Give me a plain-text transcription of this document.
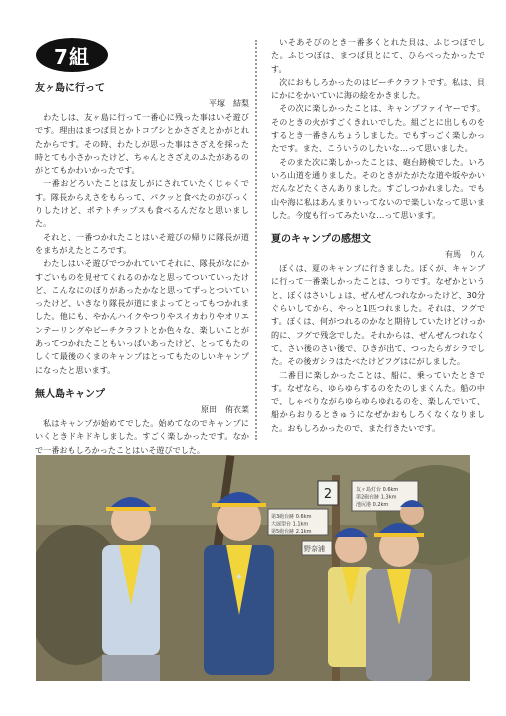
7組
友ヶ島に行って

平塚　結梨

わたしは、友ヶ島に行って一番心に残った事はいそ遊びです。理由はまつば貝とかトコブシとかさざえとかがとれたからです。その時、わたしが思った事はさざえを採った時とても小さかったけど、ちゃんとさざえのふたがあるのがとてもかわいかったです。

一番おどろいたことは友しがにされていたくじゃくです。隊長からえさをもらって、パクッと食べたのがびっくりしたけど、ポテトチップスも食べるんだなと思いました。

それと、一番つかれたことはいそ遊びの帰りに隊長が道をまちがえたところです。

わたしはいそ遊びでつかれていてそれに、隊長がなにかすごいものを見せてくれるのかなと思ってついていったけど、こんなにのぼりがあったかなと思ってずっとついていったけど、いきなり隊長が道にまよってとってもつかれました。他にも、やかんハイクやつりやスイカわりやオリエンテーリングやビーチクラフトとか色々な、楽しいことがあってつかれたこともいっぱいあったけど、とってもたのしくて最後のくまのキャンプはとってもたのしいキャンプになったと思います。

無人島キャンプ

原田　侑衣菜

私はキャンプが始めてでした。始めてなのでキャンプにいくときドキドキしました。すごく楽しかったです。なかで一番おもしろかったことはいそ遊びでした。

いそあそびのとき一番多くとれた貝は、ふじつぼでした。ふじつぼは、まつば貝とにて、ひらべったかったです。

次におもしろかったのはビーチクラフトです。私は、貝にかにをかいていに海の絵をかきました。

その次に楽しかったことは、キャンプファイヤーです。そのときの火がすごくきれいでした。組ごとに出しものをするとき一番きんちょうしました。でもすっごく楽しかったです。また、こういうのしたいな…って思いました。

そのまた次に楽しかったことは、砲台跡検でした。いろいろ山道を通りました。そのときがたがたな道や坂やかいだんなどたくさんありました。すごしつかれました。でも山や海に私はあんまりいってないので楽しいなって思いました。今度も行ってみたいな…って思います。

夏のキャンプの感想文

有馬　りん

ぼくは、夏のキャンプに行きました。ぼくが、キャンプに行って一番楽しかったことは、つりです。なぜかというと、ぼくはさいしょは、ぜんぜんつれなかったけど、30分ぐらいしてから、やっと1匹つれました。それは、フグです。ぼくは、何がつれるのかなと期待していたけどけっか的に、フグで残念でした。それからは、ぜんぜんつれなくて、さい後のさい後で、ひきが出て、つったらガシラでした。その後ガシラはたべたけどフグはにがしました。

二番目に楽しかったことは、船に、乗っていたときです。なぜなら、ゆらゆらするのをたのしまくんた。船の中で、しゃべりながらゆらゆらゆれるのを、楽しんでいて、船からおりるときゅうになぜかおもしろくなくなりました。おもしろかったので、また行きたいです。

2	友ヶ島灯台 0.6km 第2砲台跡 1.3km 池尻港 0.2km
第3砲台跡 0.6km 大展望台 1.1km 第5砲台跡 2.1km
野奈浦
✦
